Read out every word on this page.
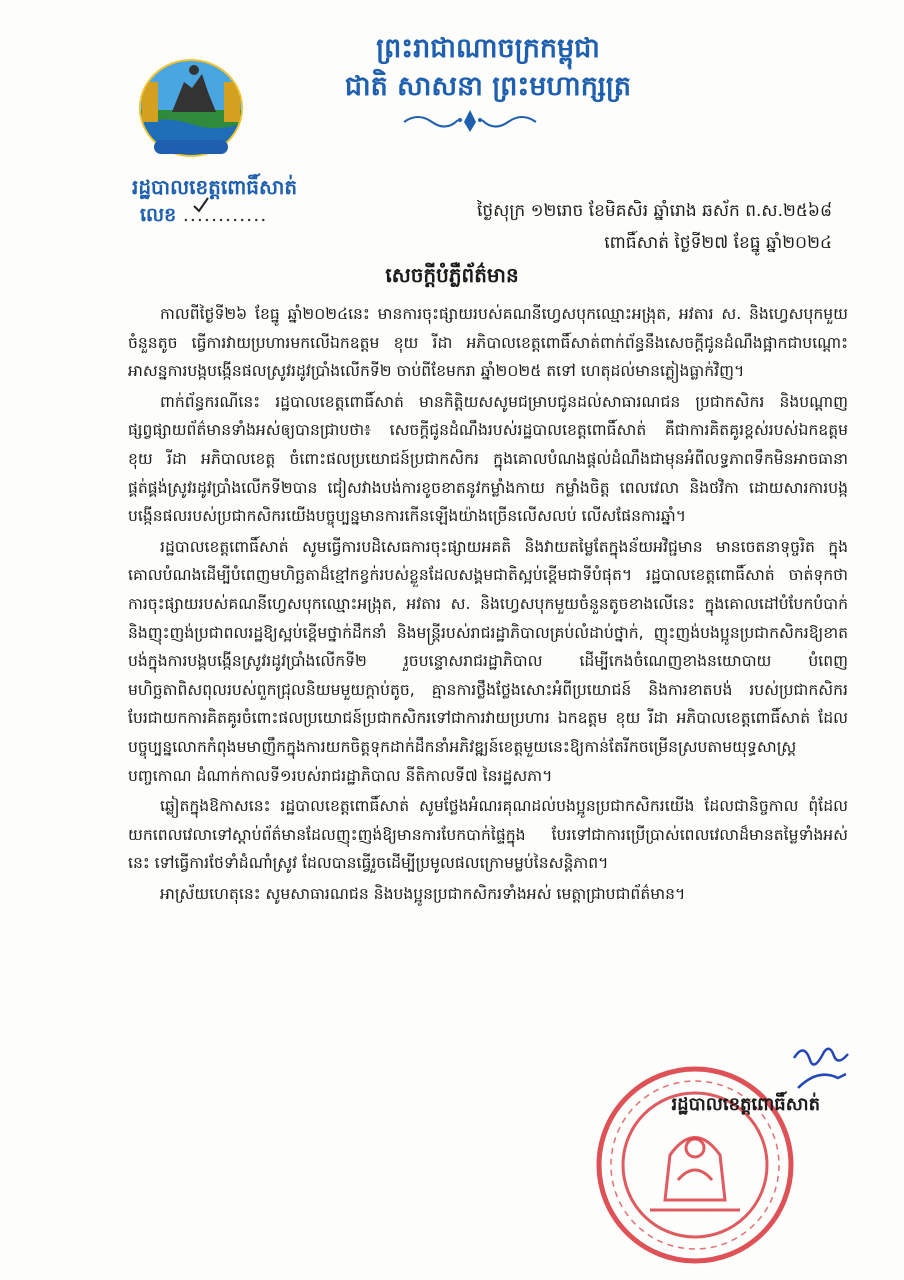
ព្រះរាជាណាចក្រកម្ពុជា
ជាតិ សាសនា ព្រះមហាក្សត្រ
រដ្ឋបាលខេត្តពោធិ៍សាត់
លេខ ............	ថ្ងៃសុក្រ ១២រោច ខែមិគសិរ ឆ្នាំរោង ឆស័ក ព.ស.២៥៦៨
ពោធិ៍សាត់ ថ្ងៃទី២៧ ខែធ្នូ ឆ្នាំ២០២៤
សេចក្តីបំភ្លឺព័ត៌មាន

កាលពីថ្ងៃទី២៦ ខែធ្នូ ឆ្នាំ២០២៤នេះ មានការចុះផ្សាយរបស់គណនីហ្វេសបុកឈ្មោះអង្រុត, អវតារ ស. និងហ្វេសបុកមួយចំនួនតូច ធ្វើការវាយប្រហារមកលើឯកឧត្តម ខុយ រីដា អភិបាលខេត្តពោធិ៍សាត់ពាក់ព័ន្ធនឹងសេចក្តីជូនដំណឹងផ្អាកជាបណ្តោះអាសន្នការបង្កបង្កើនផលស្រូវរដូវប្រាំងលើកទី២ ចាប់ពីខែមករា ឆ្នាំ២០២៥ តទៅ ហេតុដល់មានភ្លៀងធ្លាក់វិញ។

ពាក់ព័ន្ធករណីនេះ រដ្ឋបាលខេត្តពោធិ៍សាត់ មានកិត្តិយសសូមជម្រាបជូនដល់សាធារណជន ប្រជាកសិករ និងបណ្តាញផ្សព្វផ្សាយព័ត៌មានទាំងអស់ឲ្យបានជ្រាបថា៖ សេចក្តីជូនដំណឹងរបស់រដ្ឋបាលខេត្តពោធិ៍សាត់ គឺជាការគិតគូរខ្ពស់របស់ឯកឧត្តម ខុយ រីដា អភិបាលខេត្ត ចំពោះផលប្រយោជន៍ប្រជាកសិករ ក្នុងគោលបំណងផ្តល់ដំណឹងជាមុនអំពីលទ្ធភាពទឹកមិនអាចធានាផ្គត់ផ្គង់ស្រូវរដូវប្រាំងលើកទី២បាន ជៀសវាងបង់ការខូចខាតនូវកម្លាំងកាយ កម្លាំងចិត្ត ពេលវេលា និងថវិកា ដោយសារការបង្កបង្កើនផលរបស់ប្រជាកសិករយើងបច្ចុប្បន្នមានការកើនឡើងយ៉ាងច្រើនលើសលប់ លើសផែនការឆ្នាំ។

រដ្ឋបាលខេត្តពោធិ៍សាត់ សូមធ្វើការបដិសេធការចុះផ្សាយអគតិ និងវាយតម្លៃតែក្នុងន័យអវិជ្ជមាន មានចេតនាទុច្ចរិត ក្នុងគោលបំណងដើម្បីបំពេញមហិច្ឆតាដ៏ខ្មៅកខ្វក់របស់ខ្លួនដែលសង្គមជាតិស្អប់ខ្ពើមជាទីបំផុត។ រដ្ឋបាលខេត្តពោធិ៍សាត់ ចាត់ទុកថាការចុះផ្សាយរបស់គណនីហ្វេសបុកឈ្មោះអង្រុត, អវតារ ស. និងហ្វេសបុកមួយចំនួនតូចខាងលើនេះ ក្នុងគោលដៅបំបែកបំបាក់ និងញុះញង់ប្រជាពលរដ្ឋឱ្យស្អប់ខ្ពើមថ្នាក់ដឹកនាំ និងមន្ត្រីរបស់រាជរដ្ឋាភិបាលគ្រប់លំដាប់ថ្នាក់, ញុះញង់បងប្អូនប្រជាកសិករឱ្យខាតបង់ក្នុងការបង្កបង្កើនស្រូវរដូវប្រាំងលើកទី២ រួចបន្ទោសរាជរដ្ឋាភិបាល ដើម្បីកេងចំណេញខាងនយោបាយ បំពេញមហិច្ឆតាពិសពុលរបស់ពួកជ្រុលនិយមមួយក្តាប់តូច, គ្មានការថ្លឹងថ្លែងសោះអំពីប្រយោជន៍ និងការខាតបង់ របស់ប្រជាកសិករ បែរជាយកការគិតគូរចំពោះផលប្រយោជន៍ប្រជាកសិករទៅជាការវាយប្រហារ ឯកឧត្តម ខុយ រីដា អភិបាលខេត្តពោធិ៍សាត់ ដែលបច្ចុប្បន្នលោកកំពុងមមាញឹកក្នុងការយកចិត្តទុកដាក់ដឹកនាំអភិវឌ្ឍន៍ខេត្តមួយនេះឱ្យកាន់តែរីកចម្រើនស្របតាមយុទ្ធសាស្ត្របញ្ចកោណ ដំណាក់កាលទី១របស់រាជរដ្ឋាភិបាល នីតិកាលទី៧ នៃរដ្ឋសភា។

ឆ្លៀតក្នុងឱកាសនេះ រដ្ឋបាលខេត្តពោធិ៍សាត់ សូមថ្លែងអំណរគុណដល់បងប្អូនប្រជាកសិករយើង ដែលជានិច្ចកាល ពុំដែលយកពេលវេលាទៅស្តាប់ព័ត៌មានដែលញុះញង់ឱ្យមានការបែកបាក់ផ្ទៃក្នុង បែរទៅជាការប្រើប្រាស់ពេលវេលាដ៏មានតម្លៃទាំងអស់នេះ ទៅធ្វើការថែទាំដំណាំស្រូវ ដែលបានធ្វើរួចដើម្បីប្រមូលផលក្រោមម្លប់នៃសន្តិភាព។

អាស្រ័យហេតុនេះ សូមសាធារណជន និងបងប្អូនប្រជាកសិករទាំងអស់ មេត្តាជ្រាបជាព័ត៌មាន។

រដ្ឋបាលខេត្តពោធិ៍សាត់
